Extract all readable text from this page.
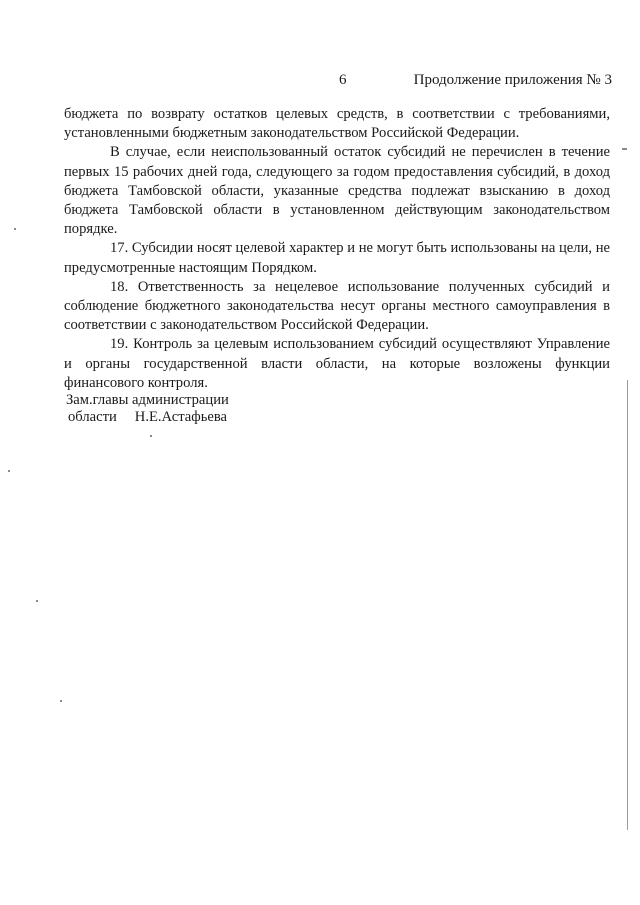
6	Продолжение приложения № 3

бюджета по возврату остатков целевых средств, в соответствии с требованиями, установленными бюджетным законодательством Российской Федерации.

В случае, если неиспользованный остаток субсидий не перечислен в течение первых 15 рабочих дней года, следующего за годом предоставления субсидий, в доход бюджета Тамбовской области, указанные средства подлежат взысканию в доход бюджета Тамбовской области в установленном действующим законодательством порядке.

17. Субсидии носят целевой характер и не могут быть использованы на цели, не предусмотренные настоящим Порядком.

18. Ответственность за нецелевое использование полученных субсидий и соблюдение бюджетного законодательства несут органы местного самоуправления в соответствии с законодательством Российской Федерации.

19. Контроль за целевым использованием субсидий осуществляют Управление и органы государственной власти области, на которые возложены функции финансового контроля.

Зам.главы администрации
области Н.Е.Астафьева
